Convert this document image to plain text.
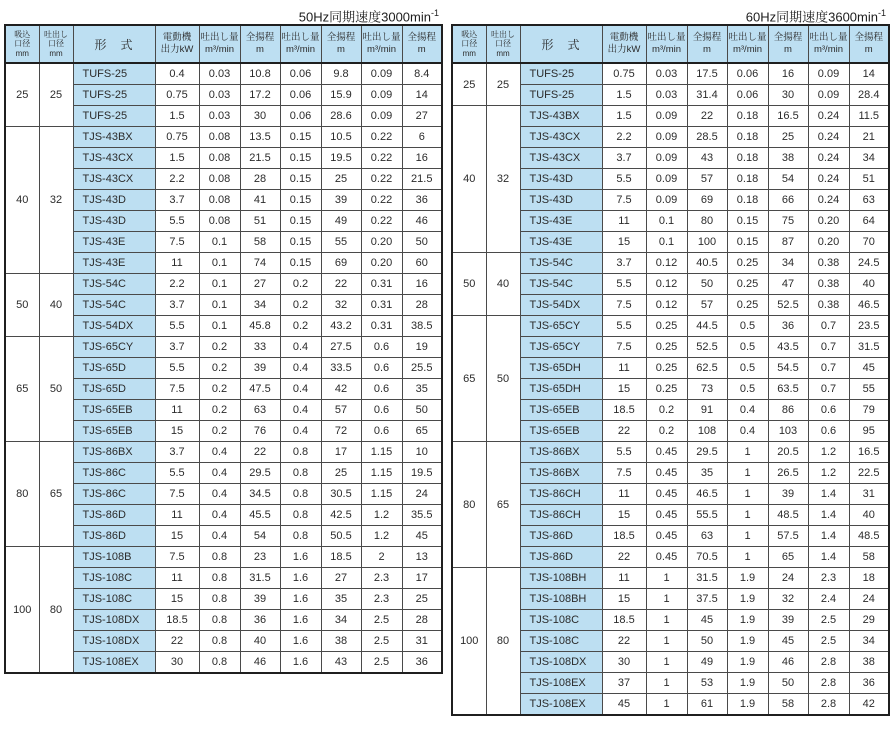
50Hz同期速度$3000\min^{-1}$
吸込
口径
mm	吐出し
口径
mm	形　式	電動機
出力kW	吐出し量
m³/min	全揚程
m	吐出し量
m³/min	全揚程
m	吐出し量
m³/min	全揚程
m

25	25	TUFS-25	0.4	0.03	10.8	0.06	9.8	0.09	8.4
		TUFS-25	0.75	0.03	17.2	0.06	15.9	0.09	14
		TUFS-25	1.5	0.03	30	0.06	28.6	0.09	27
40	32	TJS-43BX	0.75	0.08	13.5	0.15	10.5	0.22	6
		TJS-43CX	1.5	0.08	21.5	0.15	19.5	0.22	16
		TJS-43CX	2.2	0.08	28	0.15	25	0.22	21.5
		TJS-43D	3.7	0.08	41	0.15	39	0.22	36
		TJS-43D	5.5	0.08	51	0.15	49	0.22	46
		TJS-43E	7.5	0.1	58	0.15	55	0.20	50
		TJS-43E	11	0.1	74	0.15	69	0.20	60
50	40	TJS-54C	2.2	0.1	27	0.2	22	0.31	16
		TJS-54C	3.7	0.1	34	0.2	32	0.31	28
		TJS-54DX	5.5	0.1	45.8	0.2	43.2	0.31	38.5
65	50	TJS-65CY	3.7	0.2	33	0.4	27.5	0.6	19
		TJS-65D	5.5	0.2	39	0.4	33.5	0.6	25.5
		TJS-65D	7.5	0.2	47.5	0.4	42	0.6	35
		TJS-65EB	11	0.2	63	0.4	57	0.6	50
		TJS-65EB	15	0.2	76	0.4	72	0.6	65
80	65	TJS-86BX	3.7	0.4	22	0.8	17	1.15	10
		TJS-86C	5.5	0.4	29.5	0.8	25	1.15	19.5
		TJS-86C	7.5	0.4	34.5	0.8	30.5	1.15	24
		TJS-86D	11	0.4	45.5	0.8	42.5	1.2	35.5
		TJS-86D	15	0.4	54	0.8	50.5	1.2	45
100	80	TJS-108B	7.5	0.8	23	1.6	18.5	2	13
		TJS-108C	11	0.8	31.5	1.6	27	2.3	17
		TJS-108C	15	0.8	39	1.6	35	2.3	25
		TJS-108DX	18.5	0.8	36	1.6	34	2.5	28
		TJS-108DX	22	0.8	40	1.6	38	2.5	31
		TJS-108EX	30	0.8	46	1.6	43	2.5	36
60Hz同期速度$3600\min^{-1}$
吸込
口径
mm	吐出し
口径
mm	形　式	電動機
出力kW	吐出し量
m³/min	全揚程
m	吐出し量
m³/min	全揚程
m	吐出し量
m³/min	全揚程
m

25	25	TUFS-25	0.75	0.03	17.5	0.06	16	0.09	14
		TUFS-25	1.5	0.03	31.4	0.06	30	0.09	28.4
40	32	TJS-43BX	1.5	0.09	22	0.18	16.5	0.24	11.5
		TJS-43CX	2.2	0.09	28.5	0.18	25	0.24	21
		TJS-43CX	3.7	0.09	43	0.18	38	0.24	34
		TJS-43D	5.5	0.09	57	0.18	54	0.24	51
		TJS-43D	7.5	0.09	69	0.18	66	0.24	63
		TJS-43E	11	0.1	80	0.15	75	0.20	64
		TJS-43E	15	0.1	100	0.15	87	0.20	70
50	40	TJS-54C	3.7	0.12	40.5	0.25	34	0.38	24.5
		TJS-54C	5.5	0.12	50	0.25	47	0.38	40
		TJS-54DX	7.5	0.12	57	0.25	52.5	0.38	46.5
65	50	TJS-65CY	5.5	0.25	44.5	0.5	36	0.7	23.5
		TJS-65CY	7.5	0.25	52.5	0.5	43.5	0.7	31.5
		TJS-65DH	11	0.25	62.5	0.5	54.5	0.7	45
		TJS-65DH	15	0.25	73	0.5	63.5	0.7	55
		TJS-65EB	18.5	0.2	91	0.4	86	0.6	79
		TJS-65EB	22	0.2	108	0.4	103	0.6	95
80	65	TJS-86BX	5.5	0.45	29.5	1	20.5	1.2	16.5
		TJS-86BX	7.5	0.45	35	1	26.5	1.2	22.5
		TJS-86CH	11	0.45	46.5	1	39	1.4	31
		TJS-86CH	15	0.45	55.5	1	48.5	1.4	40
		TJS-86D	18.5	0.45	63	1	57.5	1.4	48.5
		TJS-86D	22	0.45	70.5	1	65	1.4	58
100	80	TJS-108BH	11	1	31.5	1.9	24	2.3	18
		TJS-108BH	15	1	37.5	1.9	32	2.4	24
		TJS-108C	18.5	1	45	1.9	39	2.5	29
		TJS-108C	22	1	50	1.9	45	2.5	34
		TJS-108DX	30	1	49	1.9	46	2.8	38
		TJS-108EX	37	1	53	1.9	50	2.8	36
		TJS-108EX	45	1	61	1.9	58	2.8	42
